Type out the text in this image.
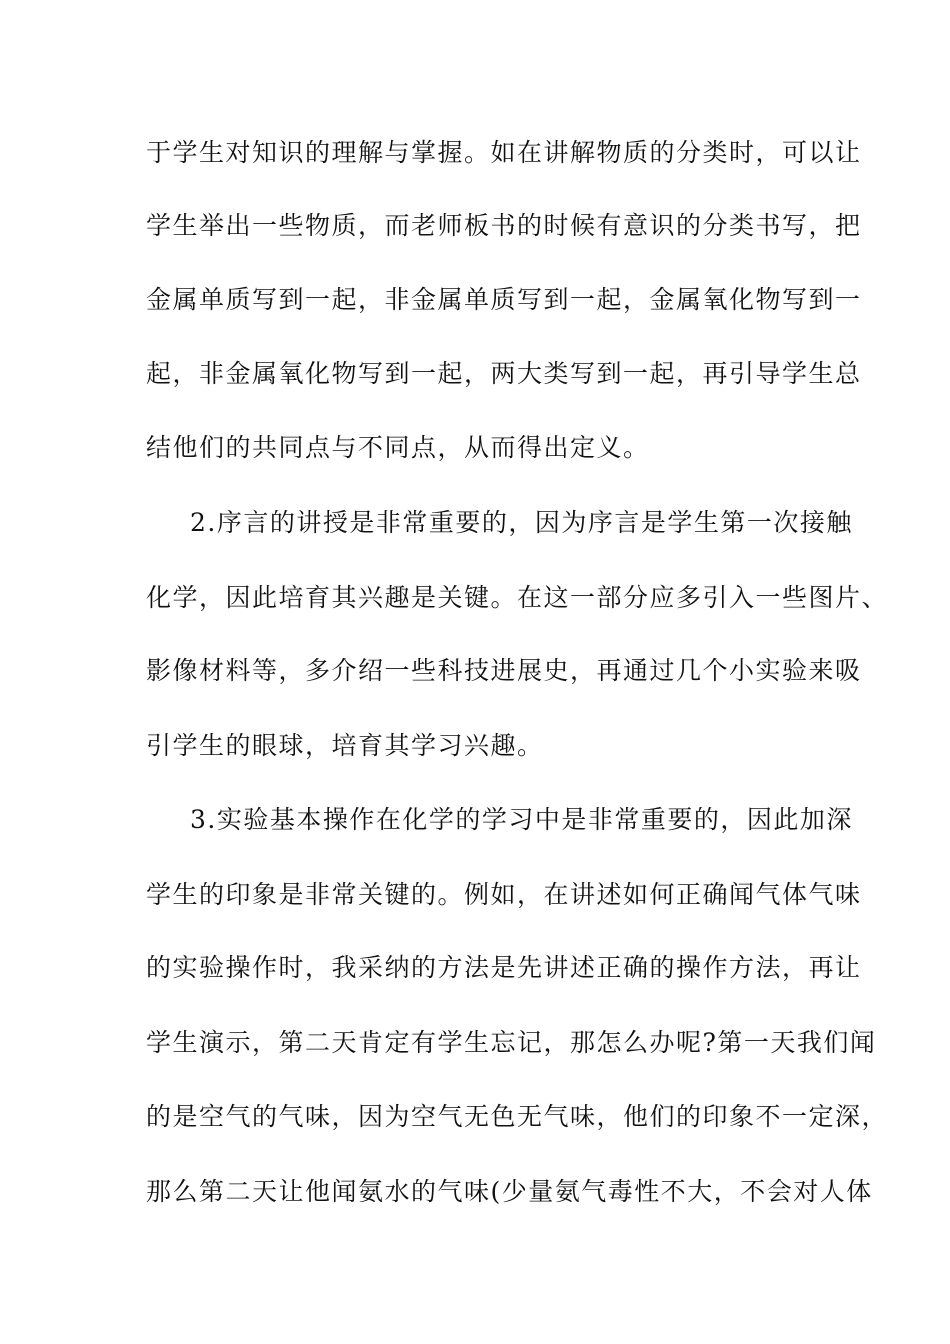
于学生对知识的理解与掌握。如在讲解物质的分类时，可以让
学生举出一些物质，而老师板书的时候有意识的分类书写，把
金属单质写到一起，非金属单质写到一起，金属氧化物写到一
起，非金属氧化物写到一起，两大类写到一起，再引导学生总
结他们的共同点与不同点，从而得出定义。
2.序言的讲授是非常重要的，因为序言是学生第一次接触
化学，因此培育其兴趣是关键。在这一部分应多引入一些图片、
影像材料等，多介绍一些科技进展史，再通过几个小实验来吸
引学生的眼球，培育其学习兴趣。
3.实验基本操作在化学的学习中是非常重要的，因此加深
学生的印象是非常关键的。例如，在讲述如何正确闻气体气味
的实验操作时，我采纳的方法是先讲述正确的操作方法，再让
学生演示，第二天肯定有学生忘记，那怎么办呢?第一天我们闻
的是空气的气味，因为空气无色无气味，他们的印象不一定深，
那么第二天让他闻氨水的气味(少量氨气毒性不大，不会对人体
